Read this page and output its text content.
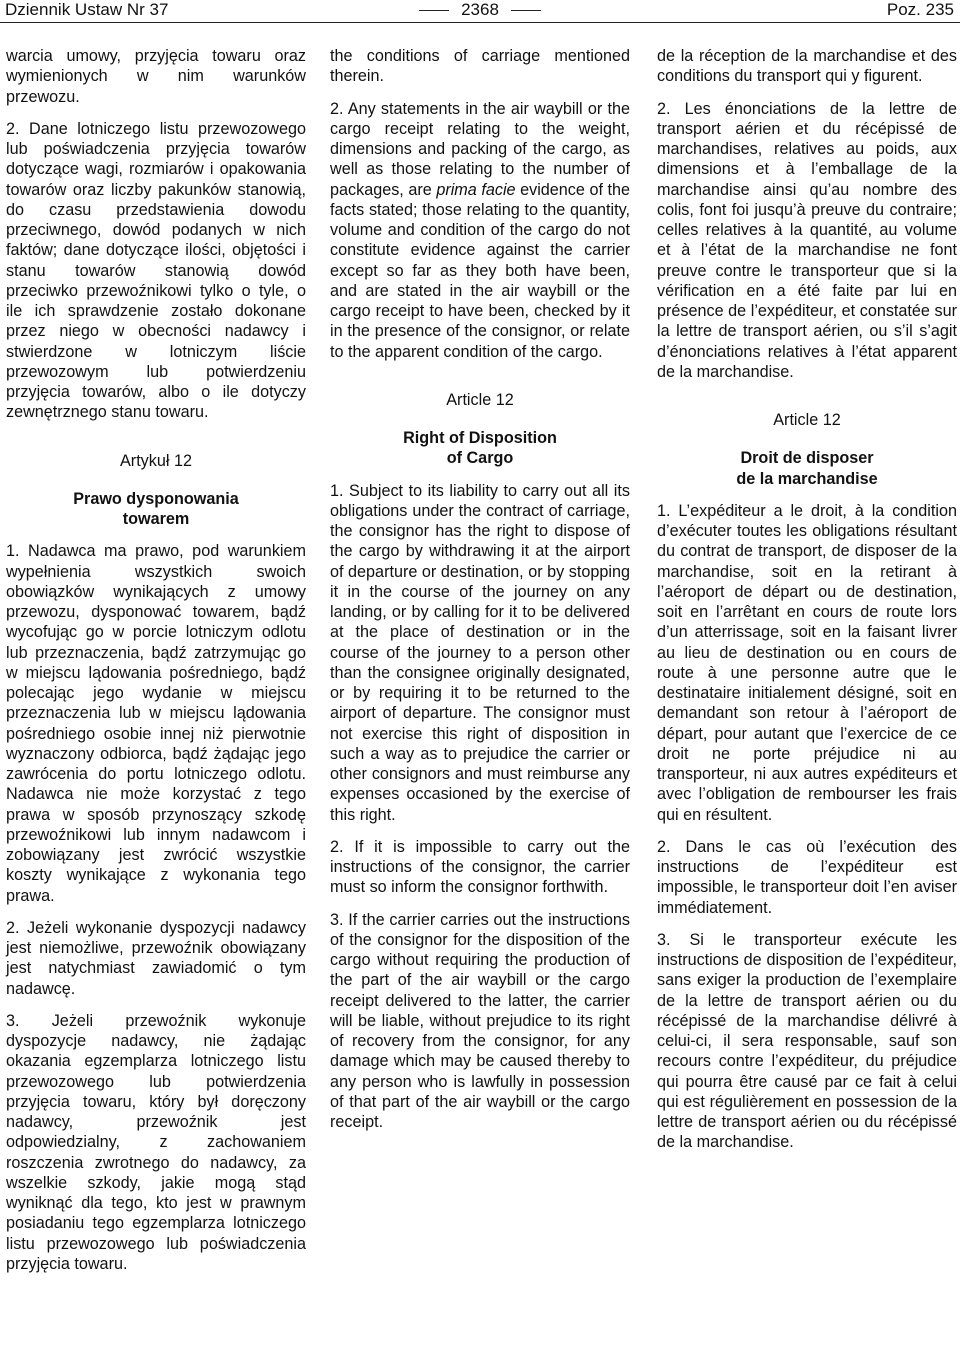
Dziennik Ustaw Nr 37	2368	Poz. 235

warcia umowy, przyjęcia towaru oraz wymienionych w nim warunków przewozu.

2. Dane lotniczego listu przewozowego lub poświadczenia przyjęcia towarów dotyczące wagi, rozmiarów i opakowania towarów oraz liczby pakunków stanowią, do czasu przedstawienia dowodu przeciwnego, dowód podanych w nich faktów; dane dotyczące ilości, objętości i stanu towarów stanowią dowód przeciwko przewoźnikowi tylko o tyle, o ile ich sprawdzenie zostało dokonane przez niego w obecności nadawcy i stwierdzone w lotniczym liście przewozowym lub potwierdzeniu przyjęcia towarów, albo o ile dotyczy zewnętrznego stanu towaru.

Artykuł 12
Prawo dysponowania
towarem

1. Nadawca ma prawo, pod warunkiem wypełnienia wszystkich swoich obowiązków wynikających z umowy przewozu, dysponować towarem, bądź wycofując go w porcie lotniczym odlotu lub przeznaczenia, bądź zatrzymując go w miejscu lądowania pośredniego, bądź polecając jego wydanie w miejscu przeznaczenia lub w miejscu lądowania pośredniego osobie innej niż pierwotnie wyznaczony odbiorca, bądź żądając jego zawrócenia do portu lotniczego odlotu. Nadawca nie może korzystać z tego prawa w sposób przynoszący szkodę przewoźnikowi lub innym nadawcom i zobowiązany jest zwrócić wszystkie koszty wynikające z wykonania tego prawa.

2. Jeżeli wykonanie dyspozycji nadawcy jest niemożliwe, przewoźnik obowiązany jest natychmiast zawiadomić o tym nadawcę.

3. Jeżeli przewoźnik wykonuje dyspozycje nadawcy, nie żądając okazania egzemplarza lotniczego listu przewozowego lub potwierdzenia przyjęcia towaru, który był doręczony nadawcy, przewoźnik jest odpowiedzialny, z zachowaniem roszczenia zwrotnego do nadawcy, za wszelkie szkody, jakie mogą stąd wyniknąć dla tego, kto jest w prawnym posiadaniu tego egzemplarza lotniczego listu przewozowego lub poświadczenia przyjęcia towaru.

the conditions of carriage mentioned therein.

2. Any statements in the air waybill or the cargo receipt relating to the weight, dimensions and packing of the cargo, as well as those relating to the number of packages, are prima facie evidence of the facts stated; those relating to the quantity, volume and condition of the cargo do not constitute evidence against the carrier except so far as they both have been, and are stated in the air waybill or the cargo receipt to have been, checked by it in the presence of the consignor, or relate to the apparent condition of the cargo.

Article 12
Right of Disposition
of Cargo

1. Subject to its liability to carry out all its obligations under the contract of carriage, the consignor has the right to dispose of the cargo by withdrawing it at the airport of departure or destination, or by stopping it in the course of the journey on any landing, or by calling for it to be delivered at the place of destination or in the course of the journey to a person other than the consignee originally designated, or by requiring it to be returned to the airport of departure. The consignor must not exercise this right of disposition in such a way as to prejudice the carrier or other consignors and must reimburse any expenses occasioned by the exercise of this right.

2. If it is impossible to carry out the instructions of the consignor, the carrier must so inform the consignor forthwith.

3. If the carrier carries out the instructions of the consignor for the disposition of the cargo without requiring the production of the part of the air waybill or the cargo receipt delivered to the latter, the carrier will be liable, without prejudice to its right of recovery from the consignor, for any damage which may be caused thereby to any person who is lawfully in possession of that part of the air waybill or the cargo receipt.

de la réception de la marchandise et des conditions du transport qui y figurent.

2. Les énonciations de la lettre de transport aérien et du récépissé de marchandises, relatives au poids, aux dimensions et à l’emballage de la marchandise ainsi qu’au nombre des colis, font foi jusqu’à preuve du contraire; celles relatives à la quantité, au volume et à l’état de la marchandise ne font preuve contre le transporteur que si la vérification en a été faite par lui en présence de l’expéditeur, et constatée sur la lettre de transport aérien, ou s’il s’agit d’énonciations relatives à l’état apparent de la marchandise.

Article 12
Droit de disposer
de la marchandise

1. L’expéditeur a le droit, à la condition d’exécuter toutes les obligations résultant du contrat de transport, de disposer de la marchandise, soit en la retirant à l’aéroport de départ ou de destination, soit en l’arrêtant en cours de route lors d’un atterrissage, soit en la faisant livrer au lieu de destination ou en cours de route à une personne autre que le destinataire initialement désigné, soit en demandant son retour à l’aéroport de départ, pour autant que l’exercice de ce droit ne porte préjudice ni au transporteur, ni aux autres expéditeurs et avec l’obligation de rembourser les frais qui en résultent.

2. Dans le cas où l’exécution des instructions de l’expéditeur est impossible, le transporteur doit l’en aviser immédiatement.

3. Si le transporteur exécute les instructions de disposition de l’expéditeur, sans exiger la production de l’exemplaire de la lettre de transport aérien ou du récépissé de la marchandise délivré à celui-ci, il sera responsable, sauf son recours contre l’expéditeur, du préjudice qui pourra être causé par ce fait à celui qui est régulièrement en possession de la lettre de transport aérien ou du récépissé de la marchandise.
